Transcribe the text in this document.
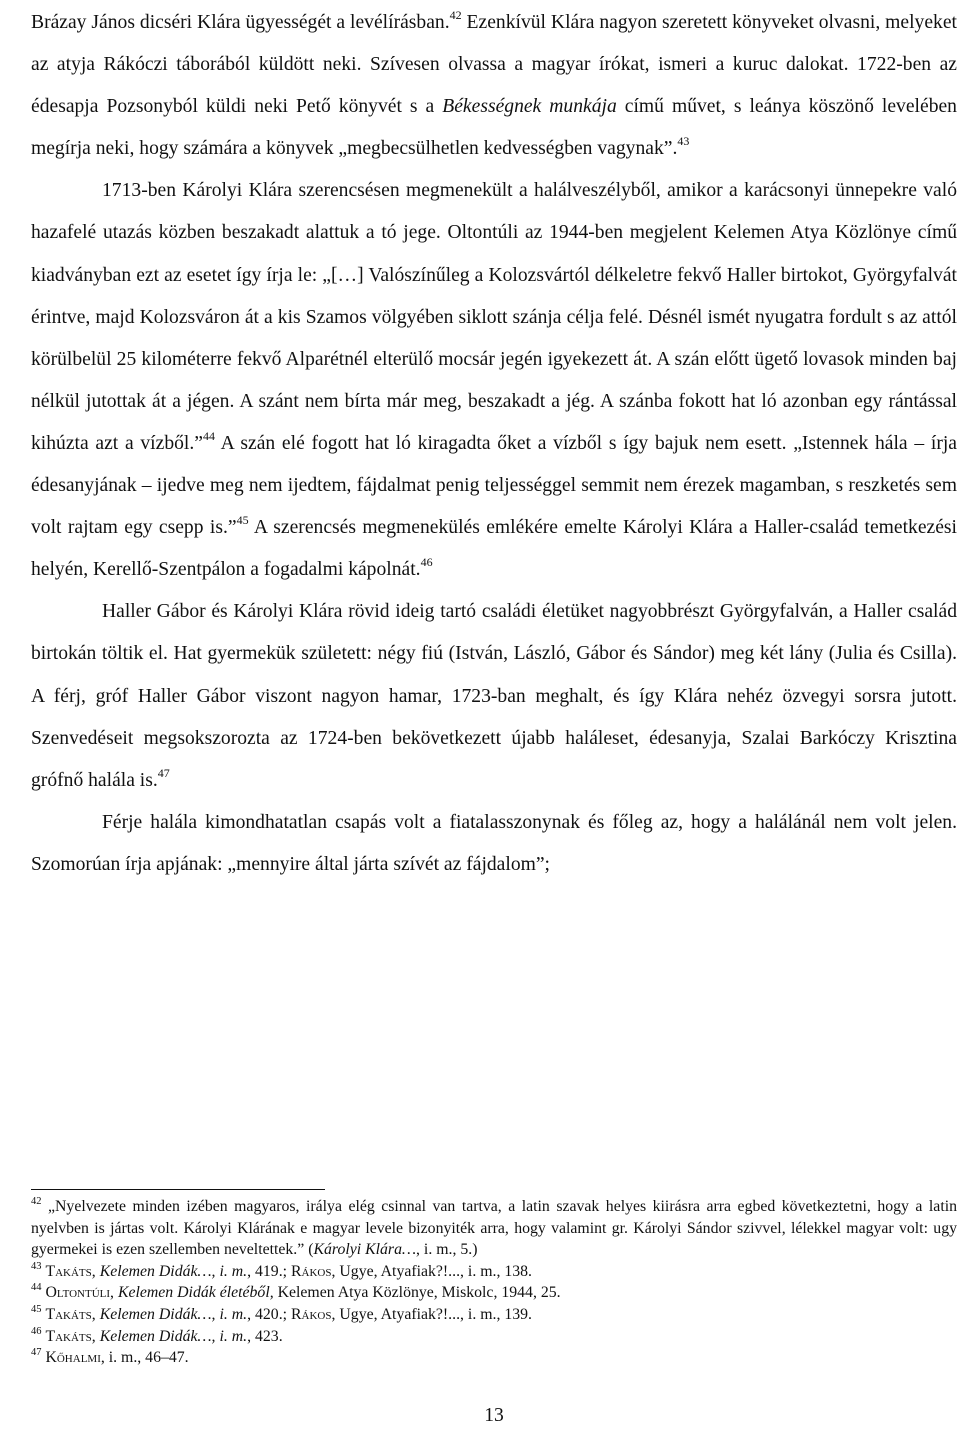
Brázay János dicséri Klára ügyességét a levélírásban.$^{42}$ Ezenkívül Klára nagyon szeretett könyveket olvasni, melyeket az atyja Rákóczi táborából küldött neki. Szívesen olvassa a magyar írókat, ismeri a kuruc dalokat. 1722-ben az édesapja Pozsonyból küldi neki Pető könyvét s a Békességnek munkája című művet, s leánya köszönő levelében megírja neki, hogy számára a könyvek „megbecsülhetlen kedvességben vagynak”.$^{43}$

1713-ben Károlyi Klára szerencsésen megmenekült a halálveszélyből, amikor a karácsonyi ünnepekre való hazafelé utazás közben beszakadt alattuk a tó jege. Oltontúli az 1944-ben megjelent Kelemen Atya Közlönye című kiadványban ezt az esetet így írja le: „[…] Valószínűleg a Kolozsvártól délkeletre fekvő Haller birtokot, Györgyfalvát érintve, majd Kolozsváron át a kis Szamos völgyében siklott szánja célja felé. Désnél ismét nyugatra fordult s az attól körülbelül 25 kilométerre fekvő Alparétnél elterülő mocsár jegén igyekezett át. A szán előtt ügető lovasok minden baj nélkül jutottak át a jégen. A szánt nem bírta már meg, beszakadt a jég. A szánba fokott hat ló azonban egy rántással kihúzta azt a vízből.”$^{44}$ A szán elé fogott hat ló kiragadta őket a vízből s így bajuk nem esett. „Istennek hála – írja édesanyjának – ijedve meg nem ijedtem, fájdalmat penig teljességgel semmit nem érezek magamban, s reszketés sem volt rajtam egy csepp is.”$^{45}$ A szerencsés megmenekülés emlékére emelte Károlyi Klára a Haller-család temetkezési helyén, Kerellő-Szentpálon a fogadalmi kápolnát.$^{46}$

Haller Gábor és Károlyi Klára rövid ideig tartó családi életüket nagyobbrészt Györgyfalván, a Haller család birtokán töltik el. Hat gyermekük született: négy fiú (István, László, Gábor és Sándor) meg két lány (Julia és Csilla). A férj, gróf Haller Gábor viszont nagyon hamar, 1723-ban meghalt, és így Klára nehéz özvegyi sorsra jutott. Szenvedéseit megsokszorozta az 1724-ben bekövetkezett újabb haláleset, édesanyja, Szalai Barkóczy Krisztina grófnő halála is.$^{47}$

Férje halála kimondhatatlan csapás volt a fiatalasszonynak és főleg az, hogy a halálánál nem volt jelen. Szomorúan írja apjának: „mennyire által járta szívét az fájdalom”;

$^{42}$ „Nyelvezete minden izében magyaros, irálya elég csinnal van tartva, a latin szavak helyes kiirásra arra egbed következtetni, hogy a latin nyelvben is jártas volt. Károlyi Klárának e magyar levele bizonyiték arra, hogy valamint gr. Károlyi Sándor szivvel, lélekkel magyar volt: ugy gyermekei is ezen szellemben neveltettek.” (Károlyi Klára…, i. m., 5.)

$^{43}$ Takáts, Kelemen Didák…, i. m., 419.; Rákos, Ugye, Atyafiak?!..., i. m., 138.

$^{44}$ Oltontúli, Kelemen Didák életéből, Kelemen Atya Közlönye, Miskolc, 1944, 25.

$^{45}$ Takáts, Kelemen Didák…, i. m., 420.; Rákos, Ugye, Atyafiak?!..., i. m., 139.

$^{46}$ Takáts, Kelemen Didák…, i. m., 423.

$^{47}$ Kőhalmi, i. m., 46–47.

13
